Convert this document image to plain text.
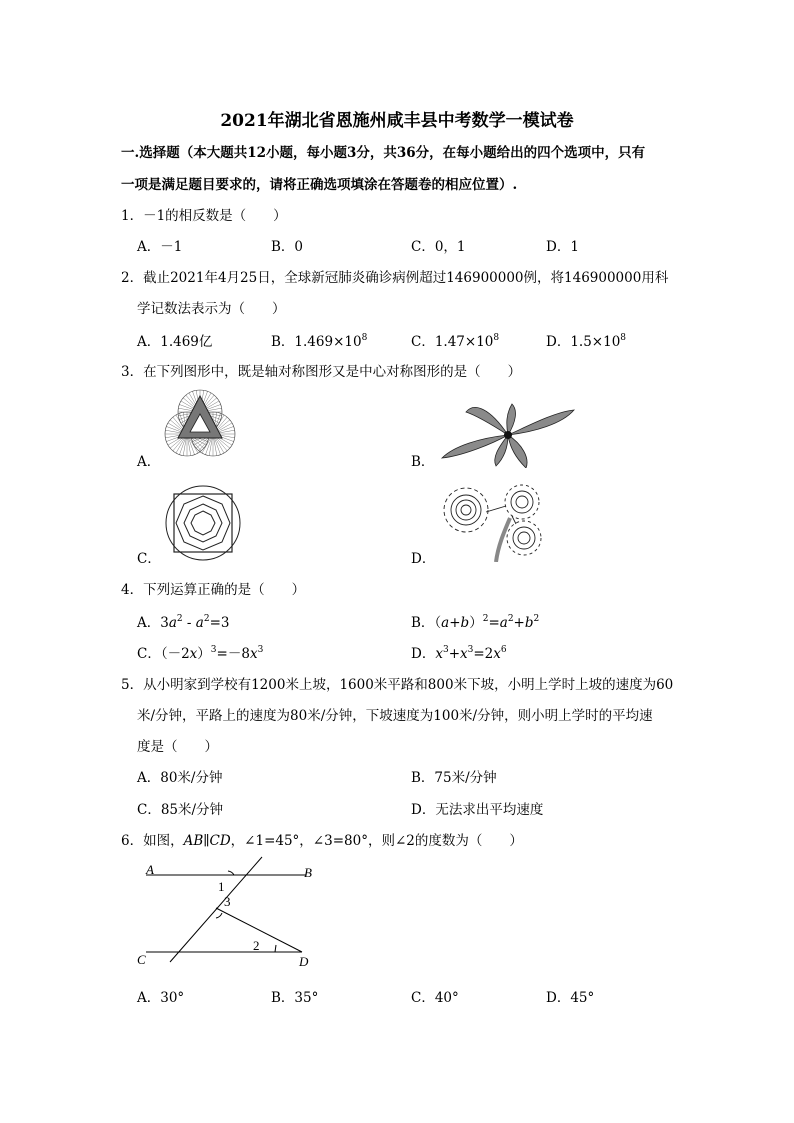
2021年湖北省恩施州咸丰县中考数学一模试卷
一.选择题（本大题共12小题，每小题3分，共36分，在每小题给出的四个选项中，只有
一项是满足题目要求的，请将正确选项填涂在答题卷的相应位置）.
1．－1的相反数是（　　）
A．－1	B．0	C．0，1	D．1
2．截止2021年4月25日，全球新冠肺炎确诊病例超过146900000例，将146900000用科
学记数法表示为（　　）
A．1.469亿	B．$1.469\times 10^8$	C．$1.47\times 10^8$	D．$1.5\times 10^8$
3．在下列图形中，既是轴对称图形又是中心对称图形的是（　　）
A．	B．
C．	D．
4．下列运算正确的是（　　）
A．$3a^2 - a^2=3$	B．$(a+b)^2=a^2+b^2$
C．$(-2x)^3=-8x^3$	D．$x^3+x^3=2x^6$
5．从小明家到学校有1200米上坡，1600米平路和800米下坡，小明上学时上坡的速度为60
米/分钟，平路上的速度为80米/分钟，下坡速度为100米/分钟，则小明上学时的平均速
度是（　　）
A．80米/分钟	B．75米/分钟
C．85米/分钟	D．无法求出平均速度
6．如图，AB∥CD，∠1=45°，∠3=80°，则∠2的度数为（　　）
A	B
C	D
1
2
3
A．30°	B．35°	C．40°	D．45°
